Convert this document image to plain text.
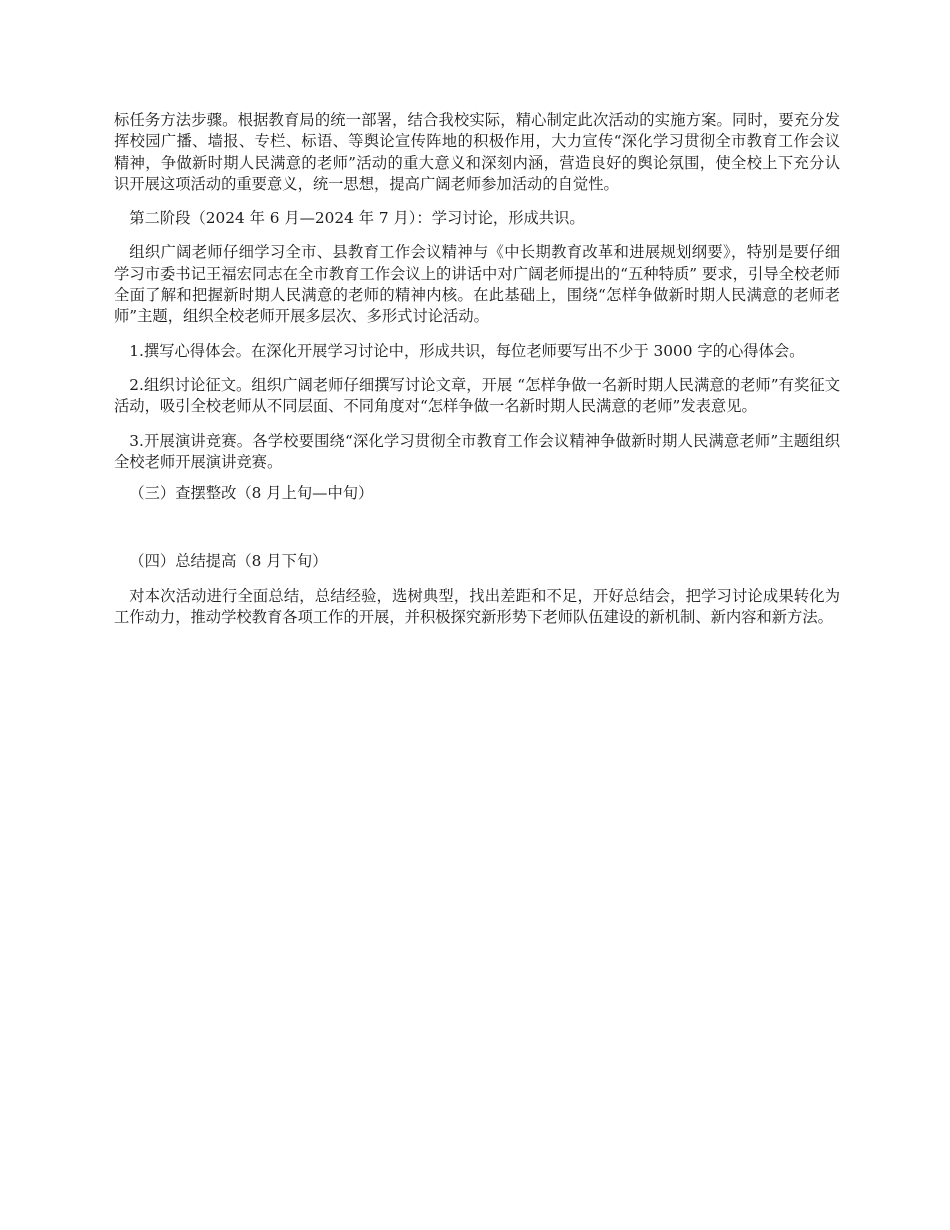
标任务方法步骤。根据教育局的统一部署，结合我校实际，精心制定此次活动的实施方案。同时，要充分发挥校园广播、墙报、专栏、标语、等舆论宣传阵地的积极作用，大力宣传“深化学习贯彻全市教育工作会议精神，争做新时期人民满意的老师”活动的重大意义和深刻内涵，营造良好的舆论氛围，使全校上下充分认识开展这项活动的重要意义，统一思想，提高广阔老师参加活动的自觉性。

第二阶段（2024 年 6 月—2024 年 7 月）：学习讨论，形成共识。

组织广阔老师仔细学习全市、县教育工作会议精神与《中长期教育改革和进展规划纲要》，特别是要仔细学习市委书记王福宏同志在全市教育工作会议上的讲话中对广阔老师提出的“五种特质” 要求，引导全校老师全面了解和把握新时期人民满意的老师的精神内核。在此基础上，围绕“怎样争做新时期人民满意的老师老师”主题，组织全校老师开展多层次、多形式讨论活动。

1.撰写心得体会。在深化开展学习讨论中，形成共识，每位老师要写出不少于 3000 字的心得体会。

2.组织讨论征文。组织广阔老师仔细撰写讨论文章，开展 “怎样争做一名新时期人民满意的老师”有奖征文活动，吸引全校老师从不同层面、不同角度对“怎样争做一名新时期人民满意的老师”发表意见。

3.开展演讲竞赛。各学校要围绕“深化学习贯彻全市教育工作会议精神争做新时期人民满意老师”主题组织全校老师开展演讲竞赛。

（三）查摆整改（8 月上旬—中旬）

（四）总结提高（8 月下旬）

对本次活动进行全面总结，总结经验，选树典型，找出差距和不足，开好总结会，把学习讨论成果转化为工作动力，推动学校教育各项工作的开展，并积极探究新形势下老师队伍建设的新机制、新内容和新方法。
